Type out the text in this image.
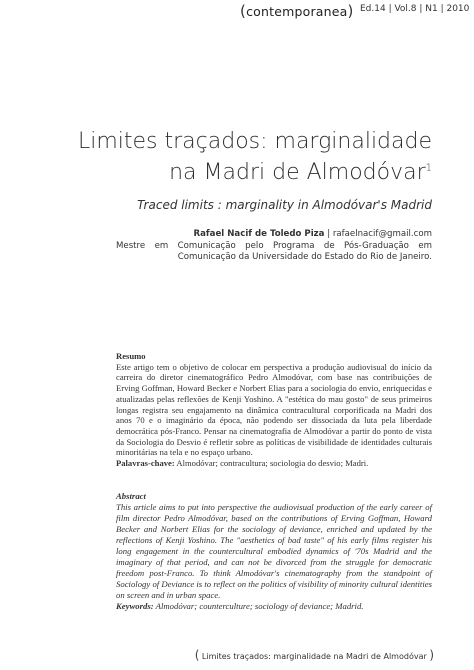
(contemporanea) Ed.14 | Vol.8 | N1 | 2010
Limites traçados: marginalidade
na Madri de Almodóvar$^1$
Traced limits : marginality in Almodóvar's Madrid

Rafael Nacif de Toledo Piza | rafaelnacif@gmail.com

Mestre em Comunicação pelo Programa de Pós-Graduação em Comunicação da Universidade do Estado do Rio de Janeiro.

Resumo
Este artigo tem o objetivo de colocar em perspectiva a produção audiovisual do início da carreira do diretor cinematográfico Pedro Almodóvar, com base nas contribuições de Erving Goffman, Howard Becker e Norbert Elias para a sociologia do envio, enriquecidas e atualizadas pelas reflexões de Kenji Yoshino. A "estética do mau gosto" de seus primeiros longas registra seu engajamento na dinâmica contracultural corporificada na Madri dos anos 70 e o imaginário da época, não podendo ser dissociada da luta pela liberdade democrática pós-Franco. Pensar na cinematografia de Almodóvar a partir do ponto de vista da Sociologia do Desvio é refletir sobre as políticas de visibilidade de identidades culturais minoritárias na tela e no espaço urbano.
Palavras-chave: Almodóvar; contracultura; sociologia do desvio; Madri.
Abstract
This article aims to put into perspective the audiovisual production of the early career of film director Pedro Almodóvar, based on the contributions of Erving Goffman, Howard Becker and Norbert Elias for the sociology of deviance, enriched and updated by the reflections of Kenji Yoshino. The "aesthetics of bad taste" of his early films register his long engagement in the countercultural embodied dynamics of '70s Madrid and the imaginary of that period, and can not be divorced from the struggle for democratic freedom post-Franco. To think Almodóvar's cinematography from the standpoint of Sociology of Deviance is to reflect on the politics of visibility of minority cultural identities on screen and in urban space.
Keywords: Almodóvar; counterculture; sociology of deviance; Madrid.
( Limites traçados: marginalidade na Madri de Almodóvar )
